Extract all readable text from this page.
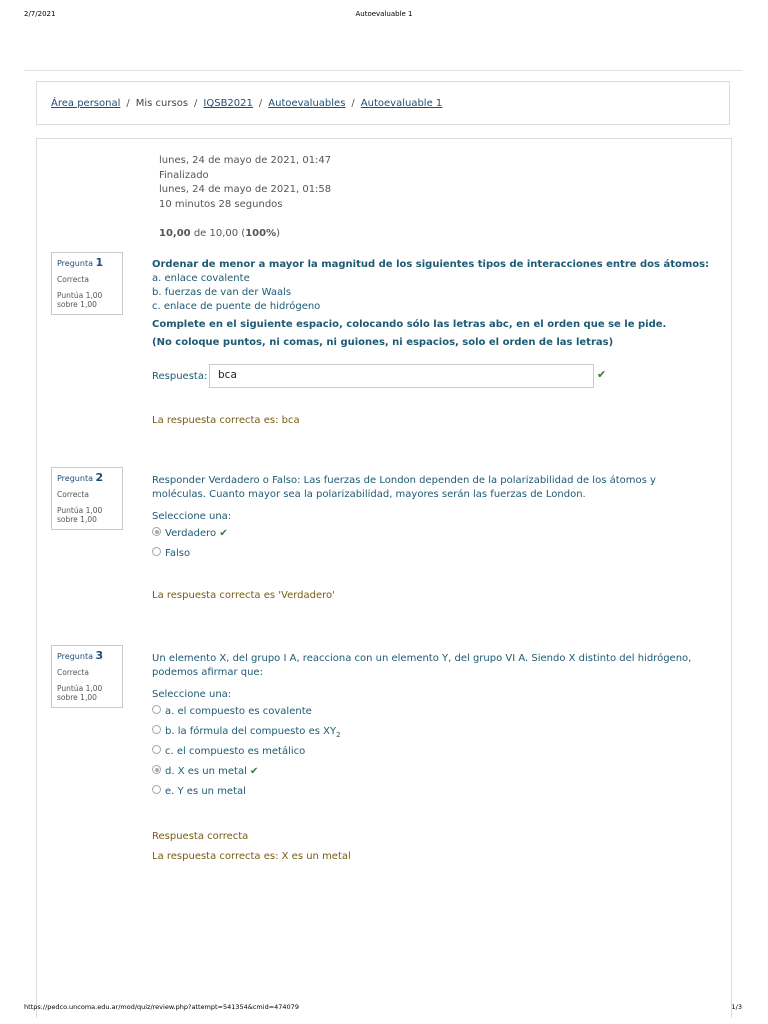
2/7/2021	Autoevaluable 1
Área personal / Mis cursos / IQSB2021 / Autoevaluables / Autoevaluable 1
lunes, 24 de mayo de 2021, 01:47
Finalizado
lunes, 24 de mayo de 2021, 01:58

10 minutos 28 segundos
10,00 de 10,00 (100%)
Pregunta 1
Correcta
Puntúa 1,00
sobre 1,00
Ordenar de menor a mayor la magnitud de los siguientes tipos de interacciones entre dos átomos:
a. enlace covalente
b. fuerzas de van der Waals
c. enlace de puente de hidrógeno
Complete en el siguiente espacio, colocando sólo las letras abc, en el orden que se le pide.
(No coloque puntos, ni comas, ni guiones, ni espacios, solo el orden de las letras)
Respuesta:	bca	✔
La respuesta correcta es: bca
Pregunta 2
Correcta
Puntúa 1,00
sobre 1,00
Responder Verdadero o Falso: Las fuerzas de London dependen de la polarizabilidad de los átomos y
moléculas. Cuanto mayor sea la polarizabilidad, mayores serán las fuerzas de London.
Seleccione una:
Verdadero ✔
Falso
La respuesta correcta es 'Verdadero'
Pregunta 3
Correcta
Puntúa 1,00
sobre 1,00
Un elemento X, del grupo I A, reacciona con un elemento Y, del grupo VI A. Siendo X distinto del hidrógeno,
podemos afirmar que:
Seleccione una:
a. el compuesto es covalente
b. la fórmula del compuesto es $XY_2$
c. el compuesto es metálico
d. X es un metal ✔
e. Y es un metal
Respuesta correcta
La respuesta correcta es: X es un metal
https://pedco.uncoma.edu.ar/mod/quiz/review.php?attempt=541354&cmid=474079	1/3
